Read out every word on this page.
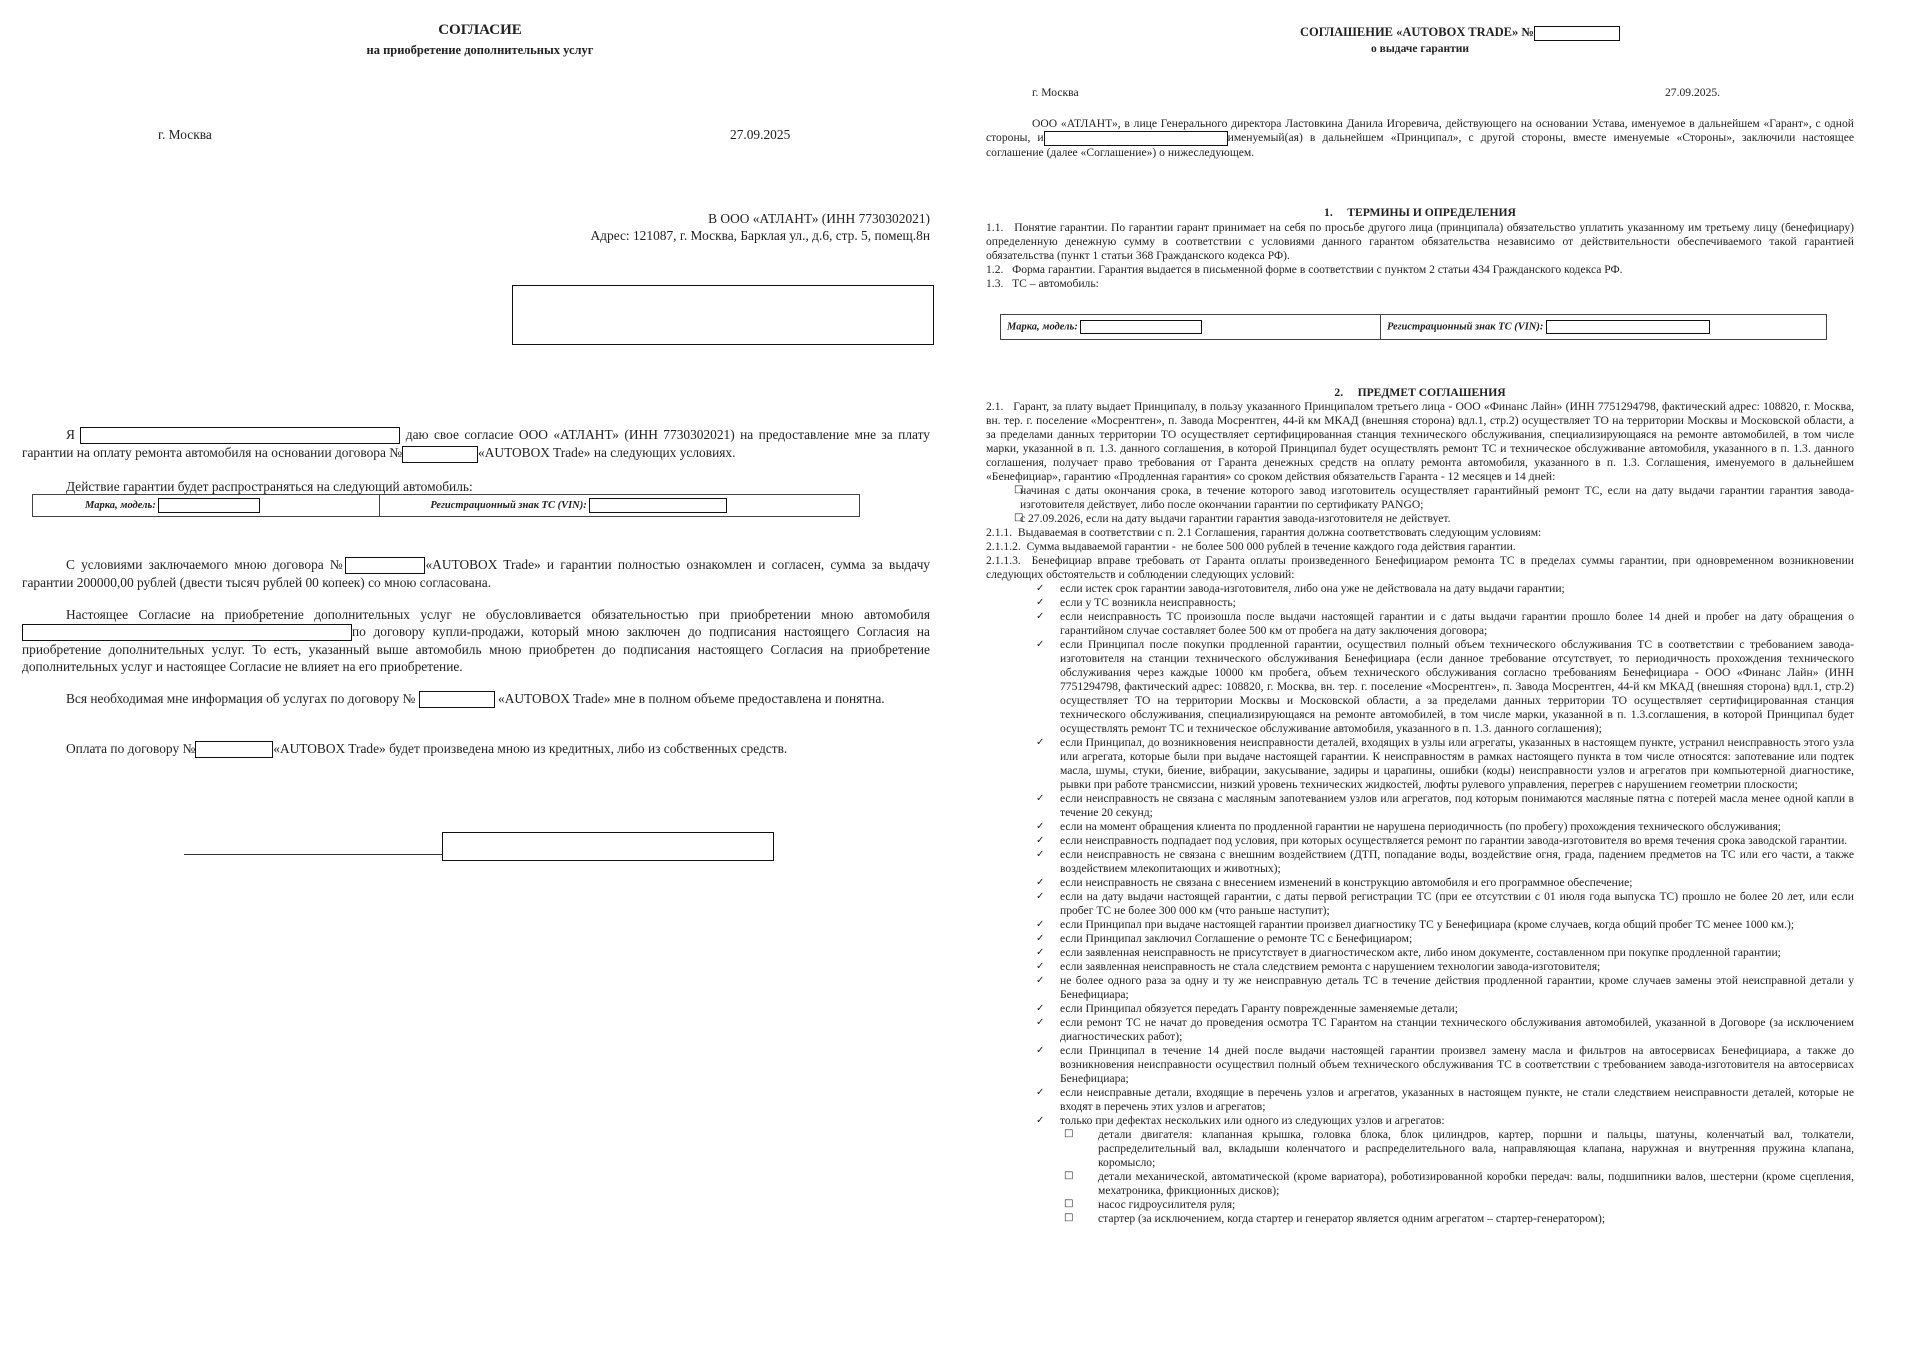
СОГЛАСИЕ
на приобретение дополнительных услуг
г. Москва	27.09.2025
В ООО «АТЛАНТ» (ИНН 7730302021)
Адрес: 121087, г. Москва, Барклая ул., д.6, стр. 5, помещ.8н
Я	даю свое согласие ООО «АТЛАНТ» (ИНН 7730302021) на предоставление мне за плату гарантии на оплату ремонта автомобиля на основании договора №	«AUTOBOX Trade» на следующих условиях.
Действие гарантии будет распространяться на следующий автомобиль:
Марка, модель:	Регистрационный знак ТС (VIN):
С условиями заключаемого мною договора №	«AUTOBOX Trade» и гарантии полностью ознакомлен и согласен, сумма за выдачу гарантии 200000,00 рублей (двести тысяч рублей 00 копеек) со мною согласована.
Настоящее Согласие на приобретение дополнительных услуг не обусловливается обязательностью при приобретении мною автомобиля по договору купли-продажи, который мною заключен до подписания настоящего Согласия на приобретение дополнительных услуг. То есть, указанный выше автомобиль мною приобретен до подписания настоящего Согласия на приобретение дополнительных услуг и настоящее Согласие не влияет на его приобретение.
Вся необходимая мне информация об услугах по договору №	«AUTOBOX Trade» мне в полном объеме предоставлена и понятна.
Оплата по договору №	«AUTOBOX Trade» будет произведена мною из кредитных, либо из собственных средств.
СОГЛАШЕНИЕ «AUTOBOX TRADE» №
о выдаче гарантии
г. Москва	27.09.2025.
ООО «АТЛАНТ», в лице Генерального директора Ластовкина Данила Игоревича, действующего на основании Устава, именуемое в дальнейшем «Гарант», с одной стороны, и	именуемый(ая) в дальнейшем «Принципал», с другой стороны, вместе именуемые «Стороны», заключили настоящее соглашение (далее «Соглашение») о нижеследующем.
1.     ТЕРМИНЫ И ОПРЕДЕЛЕНИЯ

1.1.   Понятие гарантии. По гарантии гарант принимает на себя по просьбе другого лица (принципала) обязательство уплатить указанному им третьему лицу (бенефициару) определенную денежную сумму в соответствии с условиями данного гарантом обязательства независимо от действительности обеспечиваемого такой гарантией обязательства (пункт 1 статьи 368 Гражданского кодекса РФ).

1.2.   Форма гарантии. Гарантия выдается в письменной форме в соответствии с пунктом 2 статьи 434 Гражданского кодекса РФ.

1.3.   ТС – автомобиль:

Марка, модель:	Регистрационный знак ТС (VIN):
2.     ПРЕДМЕТ СОГЛАШЕНИЯ

2.1.   Гарант, за плату выдает Принципалу, в пользу указанного Принципалом третьего лица - ООО «Финанс Лайн» (ИНН 7751294798, фактический адрес: 108820, г. Москва, вн. тер. г. поселение «Мосрентген», п. Завода Мосрентген, 44-й км МКАД (внешняя сторона) вдл.1, стр.2) осуществляет ТО на территории Москвы и Московской области, а за пределами данных территории ТО осуществляет сертифицированная станция технического обслуживания, специализирующаяся на ремонте автомобилей, в том числе марки, указанной в п. 1.3. данного соглашения, в которой Принципал будет осуществлять ремонт ТС и техническое обслуживание автомобиля, указанного в п. 1.3. данного соглашения, получает право требования от Гаранта денежных средств на оплату ремонта автомобиля, указанного в п. 1.3. Соглашения, именуемого в дальнейшем «Бенефициар», гарантию «Продленная гарантия» со сроком действия обязательств Гаранта - 12 месяцев и 14 дней:

□ начиная с даты окончания срока, в течение которого завод изготовитель осуществляет гарантийный ремонт ТС, если на дату выдачи гарантии гарантия завода-изготовителя действует, либо после окончании гарантии по сертификату PANGO;

□ с 27.09.2026, если на дату выдачи гарантии гарантия завода-изготовителя не действует.

2.1.1.  Выдаваемая в соответствии с п. 2.1 Соглашения, гарантия должна соответствовать следующим условиям:

2.1.1.2.  Сумма выдаваемой гарантии -  не более 500 000 рублей в течение каждого года действия гарантии.

2.1.1.3.  Бенефициар вправе требовать от Гаранта оплаты произведенного Бенефициаром ремонта ТС в пределах суммы гарантии, при одновременном возникновении следующих обстоятельств и соблюдении следующих условий:

✓ если истек срок гарантии завода-изготовителя, либо она уже не действовала на дату выдачи гарантии;

✓ если у ТС возникла неисправность;

✓ если неисправность ТС произошла после выдачи настоящей гарантии и с даты выдачи гарантии прошло более 14 дней и пробег на дату обращения о гарантийном случае составляет более 500 км от пробега на дату заключения договора;

✓ если Принципал после покупки продленной гарантии, осуществил полный объем технического обслуживания ТС в соответствии с требованием завода-изготовителя на станции технического обслуживания Бенефициара (если данное требование отсутствует, то периодичность прохождения технического обслуживания через каждые 10000 км пробега, объем технического обслуживания согласно требованиям Бенефициара - ООО «Финанс Лайн» (ИНН 7751294798, фактический адрес: 108820, г. Москва, вн. тер. г. поселение «Мосрентген», п. Завода Мосрентген, 44-й км МКАД (внешняя сторона) вдл.1, стр.2) осуществляет ТО на территории Москвы и Московской области, а за пределами данных территории ТО осуществляет сертифицированная станция технического обслуживания, специализирующаяся на ремонте автомобилей, в том числе марки, указанной в п. 1.3.соглашения, в которой Принципал будет осуществлять ремонт ТС и техническое обслуживание автомобиля, указанного в п. 1.3. данного соглашения);

✓ если Принципал, до возникновения неисправности деталей, входящих в узлы или агрегаты, указанных в настоящем пункте, устранил неисправность этого узла или агрегата, которые были при выдаче настоящей гарантии. К неисправностям в рамках настоящего пункта в том числе относятся: запотевание или подтек масла, шумы, стуки, биение, вибрации, закусывание, задиры и царапины, ошибки (коды) неисправности узлов и агрегатов при компьютерной диагностике, рывки при работе трансмиссии, низкий уровень технических жидкостей, люфты рулевого управления, перегрев с нарушением геометрии плоскости;

✓ если неисправность не связана с масляным запотеванием узлов или агрегатов, под которым понимаются масляные пятна с потерей масла менее одной капли в течение 20 секунд;

✓ если на момент обращения клиента по продленной гарантии не нарушена периодичность (по пробегу) прохождения технического обслуживания;

✓ если неисправность подпадает под условия, при которых осуществляется ремонт по гарантии завода-изготовителя во время течения срока заводской гарантии.

✓ если неисправность не связана с внешним воздействием (ДТП, попадание воды, воздействие огня, града, падением предметов на ТС или его части, а также воздействием млекопитающих и животных);

✓ если неисправность не связана с внесением изменений в конструкцию автомобиля и его программное обеспечение;

✓ если на дату выдачи настоящей гарантии, с даты первой регистрации ТС (при ее отсутствии с 01 июля года выпуска ТС) прошло не более 20 лет, или если пробег ТС не более 300 000 км (что раньше наступит);

✓ если Принципал при выдаче настоящей гарантии произвел диагностику ТС у Бенефициара (кроме случаев, когда общий пробег ТС менее 1000 км.);

✓ если Принципал заключил Соглашение о ремонте ТС с Бенефициаром;

✓ если заявленная неисправность не присутствует в диагностическом акте, либо ином документе, составленном при покупке продленной гарантии;

✓ если заявленная неисправность не стала следствием ремонта с нарушением технологии завода-изготовителя;

✓ не более одного раза за одну и ту же неисправную деталь ТС в течение действия продленной гарантии, кроме случаев замены этой неисправной детали у Бенефициара;

✓ если Принципал обязуется передать Гаранту поврежденные заменяемые детали;

✓ если ремонт ТС не начат до проведения осмотра ТС Гарантом на станции технического обслуживания автомобилей, указанной в Договоре (за исключением диагностических работ);

✓ если Принципал в течение 14 дней после выдачи настоящей гарантии произвел замену масла и фильтров на автосервисах Бенефициара, а также до возникновения неисправности осуществил полный объем технического обслуживания ТС в соответствии с требованием завода-изготовителя на автосервисах Бенефициара;

✓ если неисправные детали, входящие в перечень узлов и агрегатов, указанных в настоящем пункте, не стали следствием неисправности деталей, которые не входят в перечень этих узлов и агрегатов;

✓ только при дефектах нескольких или одного из следующих узлов и агрегатов:

□ детали двигателя: клапанная крышка, головка блока, блок цилиндров, картер, поршни и пальцы, шатуны, коленчатый вал, толкатели, распределительный вал, вкладыши коленчатого и распределительного вала, направляющая клапана, наружная и внутренняя пружина клапана, коромысло;

□ детали механической, автоматической (кроме вариатора), роботизированной коробки передач: валы, подшипники валов, шестерни (кроме сцепления, мехатроника, фрикционных дисков);

□ насос гидроусилителя руля;

□ стартер (за исключением, когда стартер и генератор является одним агрегатом – стартер-генератором);
